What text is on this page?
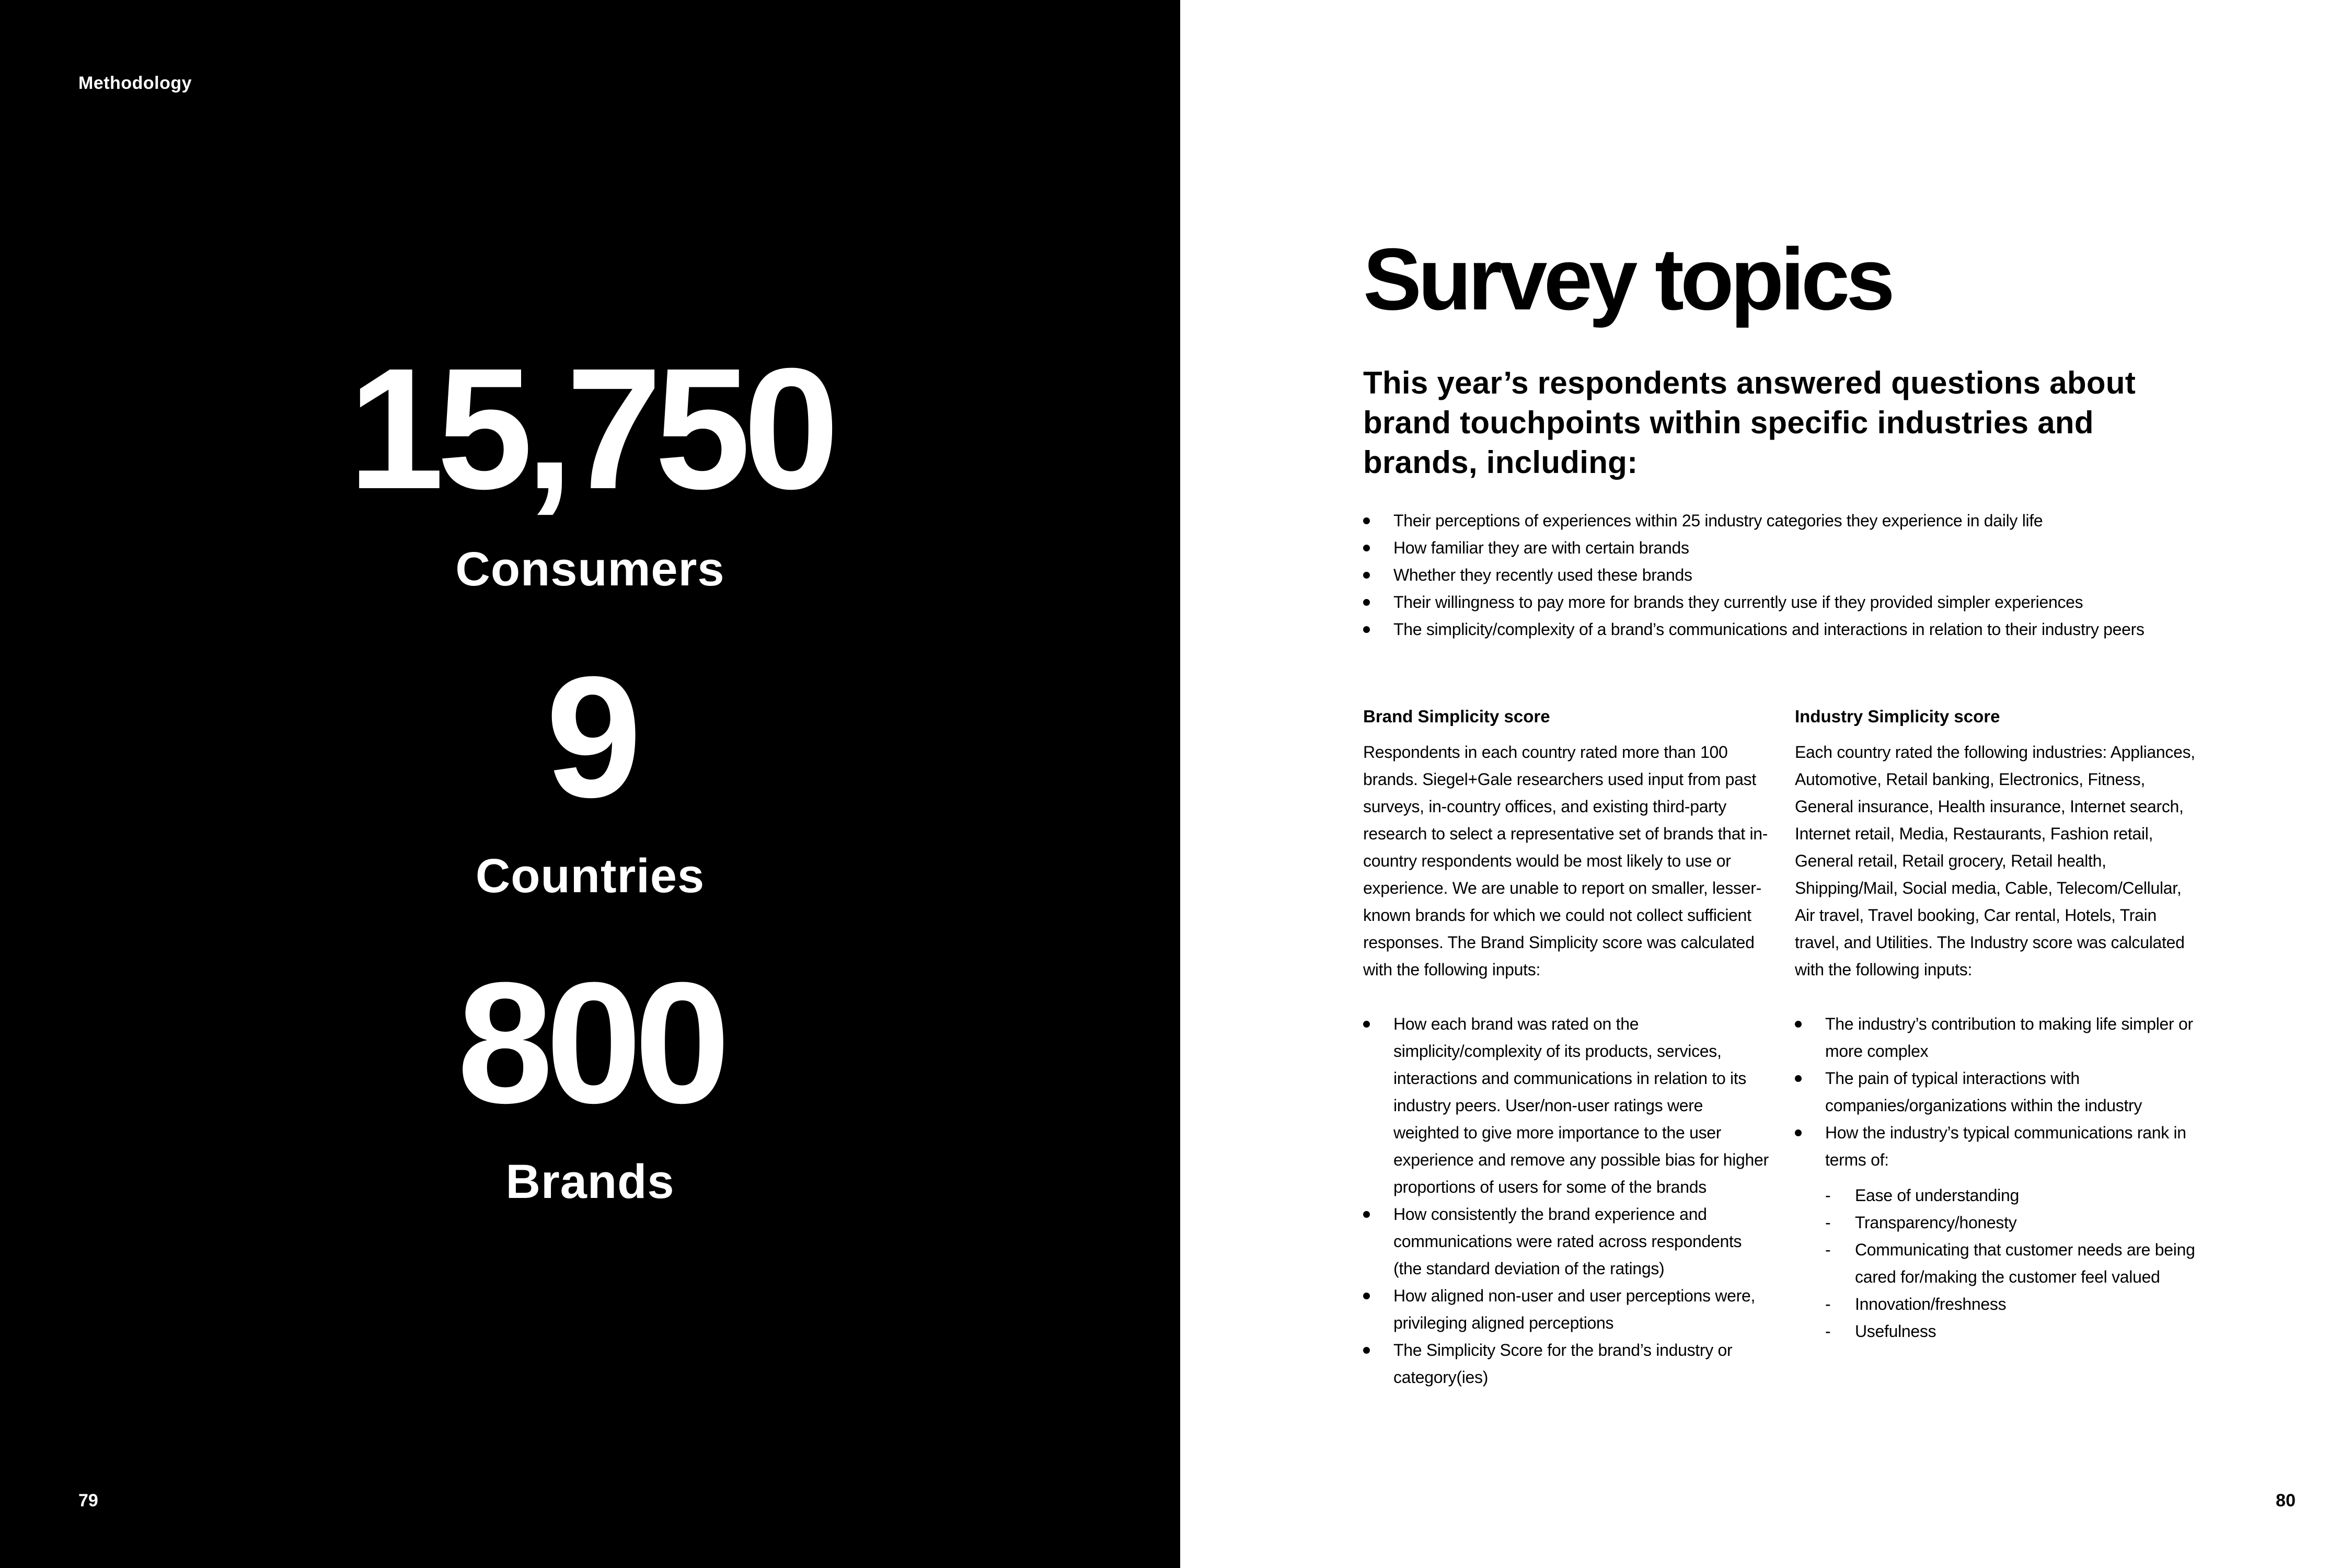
Methodology
15,750
Consumers
9
Countries
800
Brands
79
Survey topics

This year’s respondents answered questions about brand touchpoints within specific industries and brands, including:

Their perceptions of experiences within 25 industry categories they experience in daily life
How familiar they are with certain brands
Whether they recently used these brands
Their willingness to pay more for brands they currently use if they provided simpler experiences
The simplicity/complexity of a brand’s communications and interactions in relation to their industry peers
Brand Simplicity score

Respondents in each country rated more than 100 brands. Siegel+Gale researchers used input from past surveys, in-country offices, and existing third-party research to select a representative set of brands that in-country respondents would be most likely to use or experience. We are unable to report on smaller, lesser-known brands for which we could not collect sufficient responses. The Brand Simplicity score was calculated with the following inputs:

How each brand was rated on the simplicity/complexity of its products, services, interactions and communications in relation to its industry peers. User/non-user ratings were weighted to give more importance to the user experience and remove any possible bias for higher proportions of users for some of the brands
How consistently the brand experience and communications were rated across respondents (the standard deviation of the ratings)
How aligned non-user and user perceptions were, privileging aligned perceptions
The Simplicity Score for the brand’s industry or category(ies)
Industry Simplicity score

Each country rated the following industries: Appliances, Automotive, Retail banking, Electronics, Fitness, General insurance, Health insurance, Internet search, Internet retail, Media, Restaurants, Fashion retail, General retail, Retail grocery, Retail health, Shipping/Mail, Social media, Cable, Telecom/Cellular, Air travel, Travel booking, Car rental, Hotels, Train travel, and Utilities. The Industry score was calculated with the following inputs:

The industry’s contribution to making life simpler or more complex
The pain of typical interactions with companies/organizations within the industry
How the industry’s typical communications rank in terms of:
- Ease of understanding
- Transparency/honesty
- Communicating that customer needs are being cared for/making the customer feel valued
- Innovation/freshness
- Usefulness
80
